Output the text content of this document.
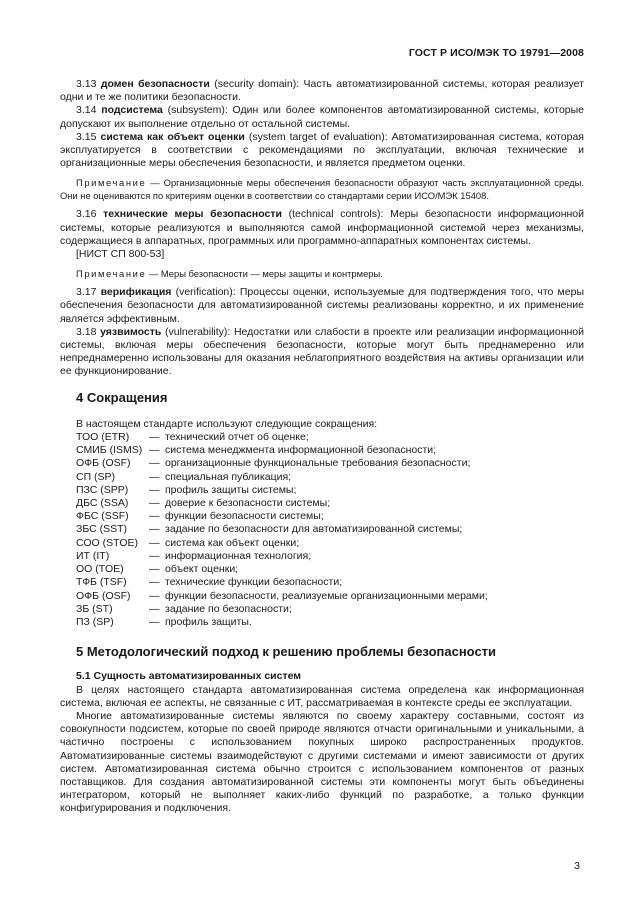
ГОСТ Р ИСО/МЭК ТО 19791—2008

3.13 домен безопасности (security domain): Часть автоматизированной системы, которая реализует одни и те же политики безопасности.

3.14 подсистема (subsystem): Один или более компонентов автоматизированной системы, которые допускают их выполнение отдельно от остальной системы.

3.15 система как объект оценки (system target of evaluation): Автоматизированная система, которая эксплуатируется в соответствии с рекомендациями по эксплуатации, включая технические и организационные меры обеспечения безопасности, и является предметом оценки.

Примечание — Организационные меры обеспечения безопасности образуют часть эксплуатационной среды. Они не оцениваются по критериям оценки в соответствии со стандартами серии ИСО/МЭК 15408.

3.16 технические меры безопасности (technical controls): Меры безопасности информационной системы, которые реализуются и выполняются самой информационной системой через механизмы, содержащиеся в аппаратных, программных или программно-аппаратных компонентах системы.

[НИСТ СП 800-53]

Примечание — Меры безопасности — меры защиты и контрмеры.

3.17 верификация (verification): Процессы оценки, используемые для подтверждения того, что меры обеспечения безопасности для автоматизированной системы реализованы корректно, и их применение является эффективным.

3.18 уязвимость (vulnerability): Недостатки или слабости в проекте или реализации информационной системы, включая меры обеспечения безопасности, которые могут быть преднамеренно или непреднамеренно использованы для оказания неблагоприятного воздействия на активы организации или ее функционирование.

4 Сокращения
В настоящем стандарте используют следующие сокращения:
ТОО (ETR)	—	технический отчет об оценке;
СМИБ (ISMS)	—	система менеджмента информационной безопасности;
ОФБ (OSF)	—	организационные функциональные требования безопасности;
СП (SP)	—	специальная публикация;
ПЗС (SPP)	—	профиль защиты системы;
ДБС (SSA)	—	доверие к безопасности системы;
ФБС (SSF)	—	функции безопасности системы;
ЗБС (SST)	—	задание по безопасности для автоматизированной системы;
СОО (STOE)	—	система как объект оценки;
ИТ (IT)	—	информационная технология;
ОО (TOE)	—	объект оценки;
ТФБ (TSF)	—	технические функции безопасности;
ОФБ (OSF)	—	функции безопасности, реализуемые организационными мерами;
ЗБ (ST)	—	задание по безопасности;
ПЗ (SP)	—	профиль защиты.
5 Методологический подход к решению проблемы безопасности
5.1 Сущность автоматизированных систем

В целях настоящего стандарта автоматизированная система определена как информационная система, включая ее аспекты, не связанные с ИТ, рассматриваемая в контексте среды ее эксплуатации.

Многие автоматизированные системы являются по своему характеру составными, состоят из совокупности подсистем, которые по своей природе являются отчасти оригинальными и уникальными, а частично построены с использованием покупных широко распространенных продуктов. Автоматизированные системы взаимодействуют с другими системами и имеют зависимости от других систем. Автоматизированная система обычно строится с использованием компонентов от разных поставщиков. Для создания автоматизированной системы эти компоненты могут быть объединены интегратором, который не выполняет каких-либо функций по разработке, а только функции конфигурирования и подключения.

3
